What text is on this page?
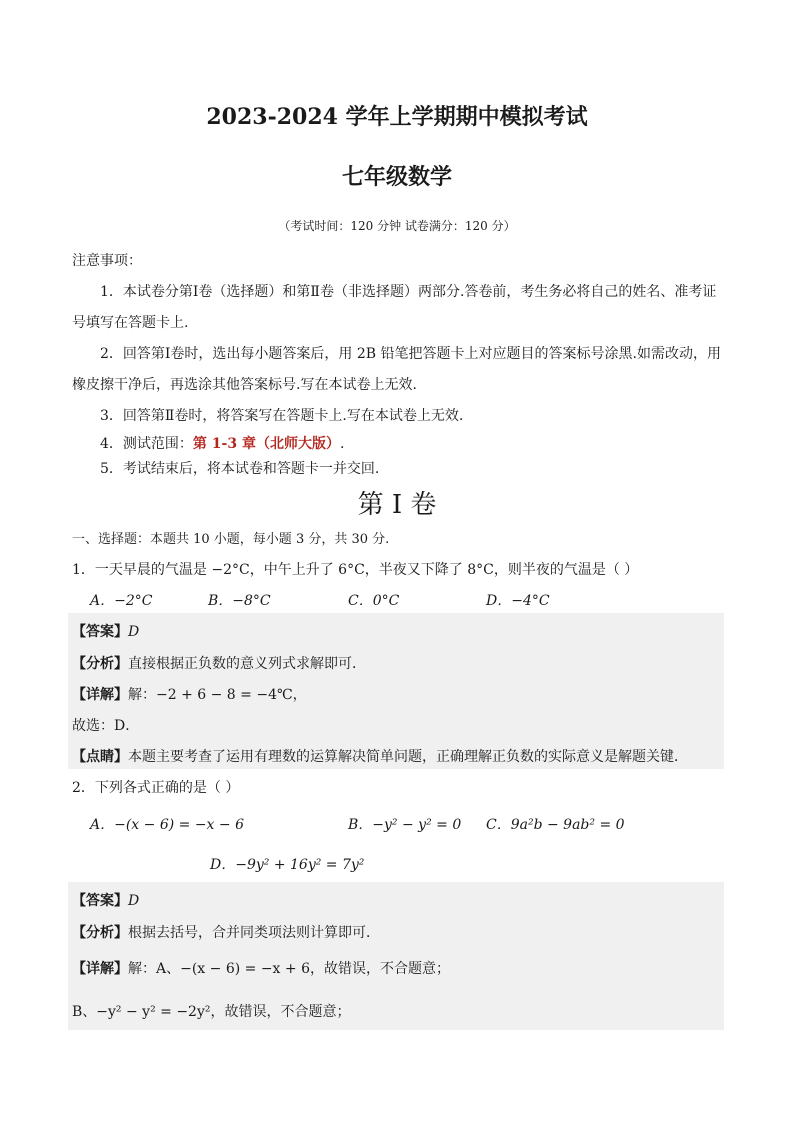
2023-2024 学年上学期期中模拟考试
七年级数学
（考试时间：120 分钟 试卷满分：120 分）
注意事项：
1．本试卷分第Ⅰ卷（选择题）和第Ⅱ卷（非选择题）两部分.答卷前，考生务必将自己的姓名、准考证
号填写在答题卡上.
2．回答第Ⅰ卷时，选出每小题答案后，用 2B 铅笔把答题卡上对应题目的答案标号涂黑.如需改动，用
橡皮擦干净后，再选涂其他答案标号.写在本试卷上无效.
3．回答第Ⅱ卷时，将答案写在答题卡上.写在本试卷上无效.
4．测试范围：第 1-3 章（北师大版）.
5．考试结束后，将本试卷和答题卡一并交回.
第 I 卷
一、选择题：本题共 10 小题，每小题 3 分，共 30 分.
1．一天早晨的气温是 −2°C，中午上升了 6°C，半夜又下降了 8°C，则半夜的气温是（ ）
A．−2°C	B．−8°C	C．0°C	D．−4°C
【答案】D
【分析】直接根据正负数的意义列式求解即可．
【详解】解：−2 + 6 − 8 = −4℃，
故选：D．
【点睛】本题主要考查了运用有理数的运算解决简单问题，正确理解正负数的实际意义是解题关键．
2．下列各式正确的是（ ）
A．−(x − 6) = −x − 6	B．−y² − y² = 0 C．9a²b − 9ab² = 0
D．−9y² + 16y² = 7y²
【答案】D
【分析】根据去括号，合并同类项法则计算即可．
【详解】解：A、−(x − 6) = −x + 6，故错误，不合题意；
B、−y² − y² = −2y²，故错误，不合题意；
